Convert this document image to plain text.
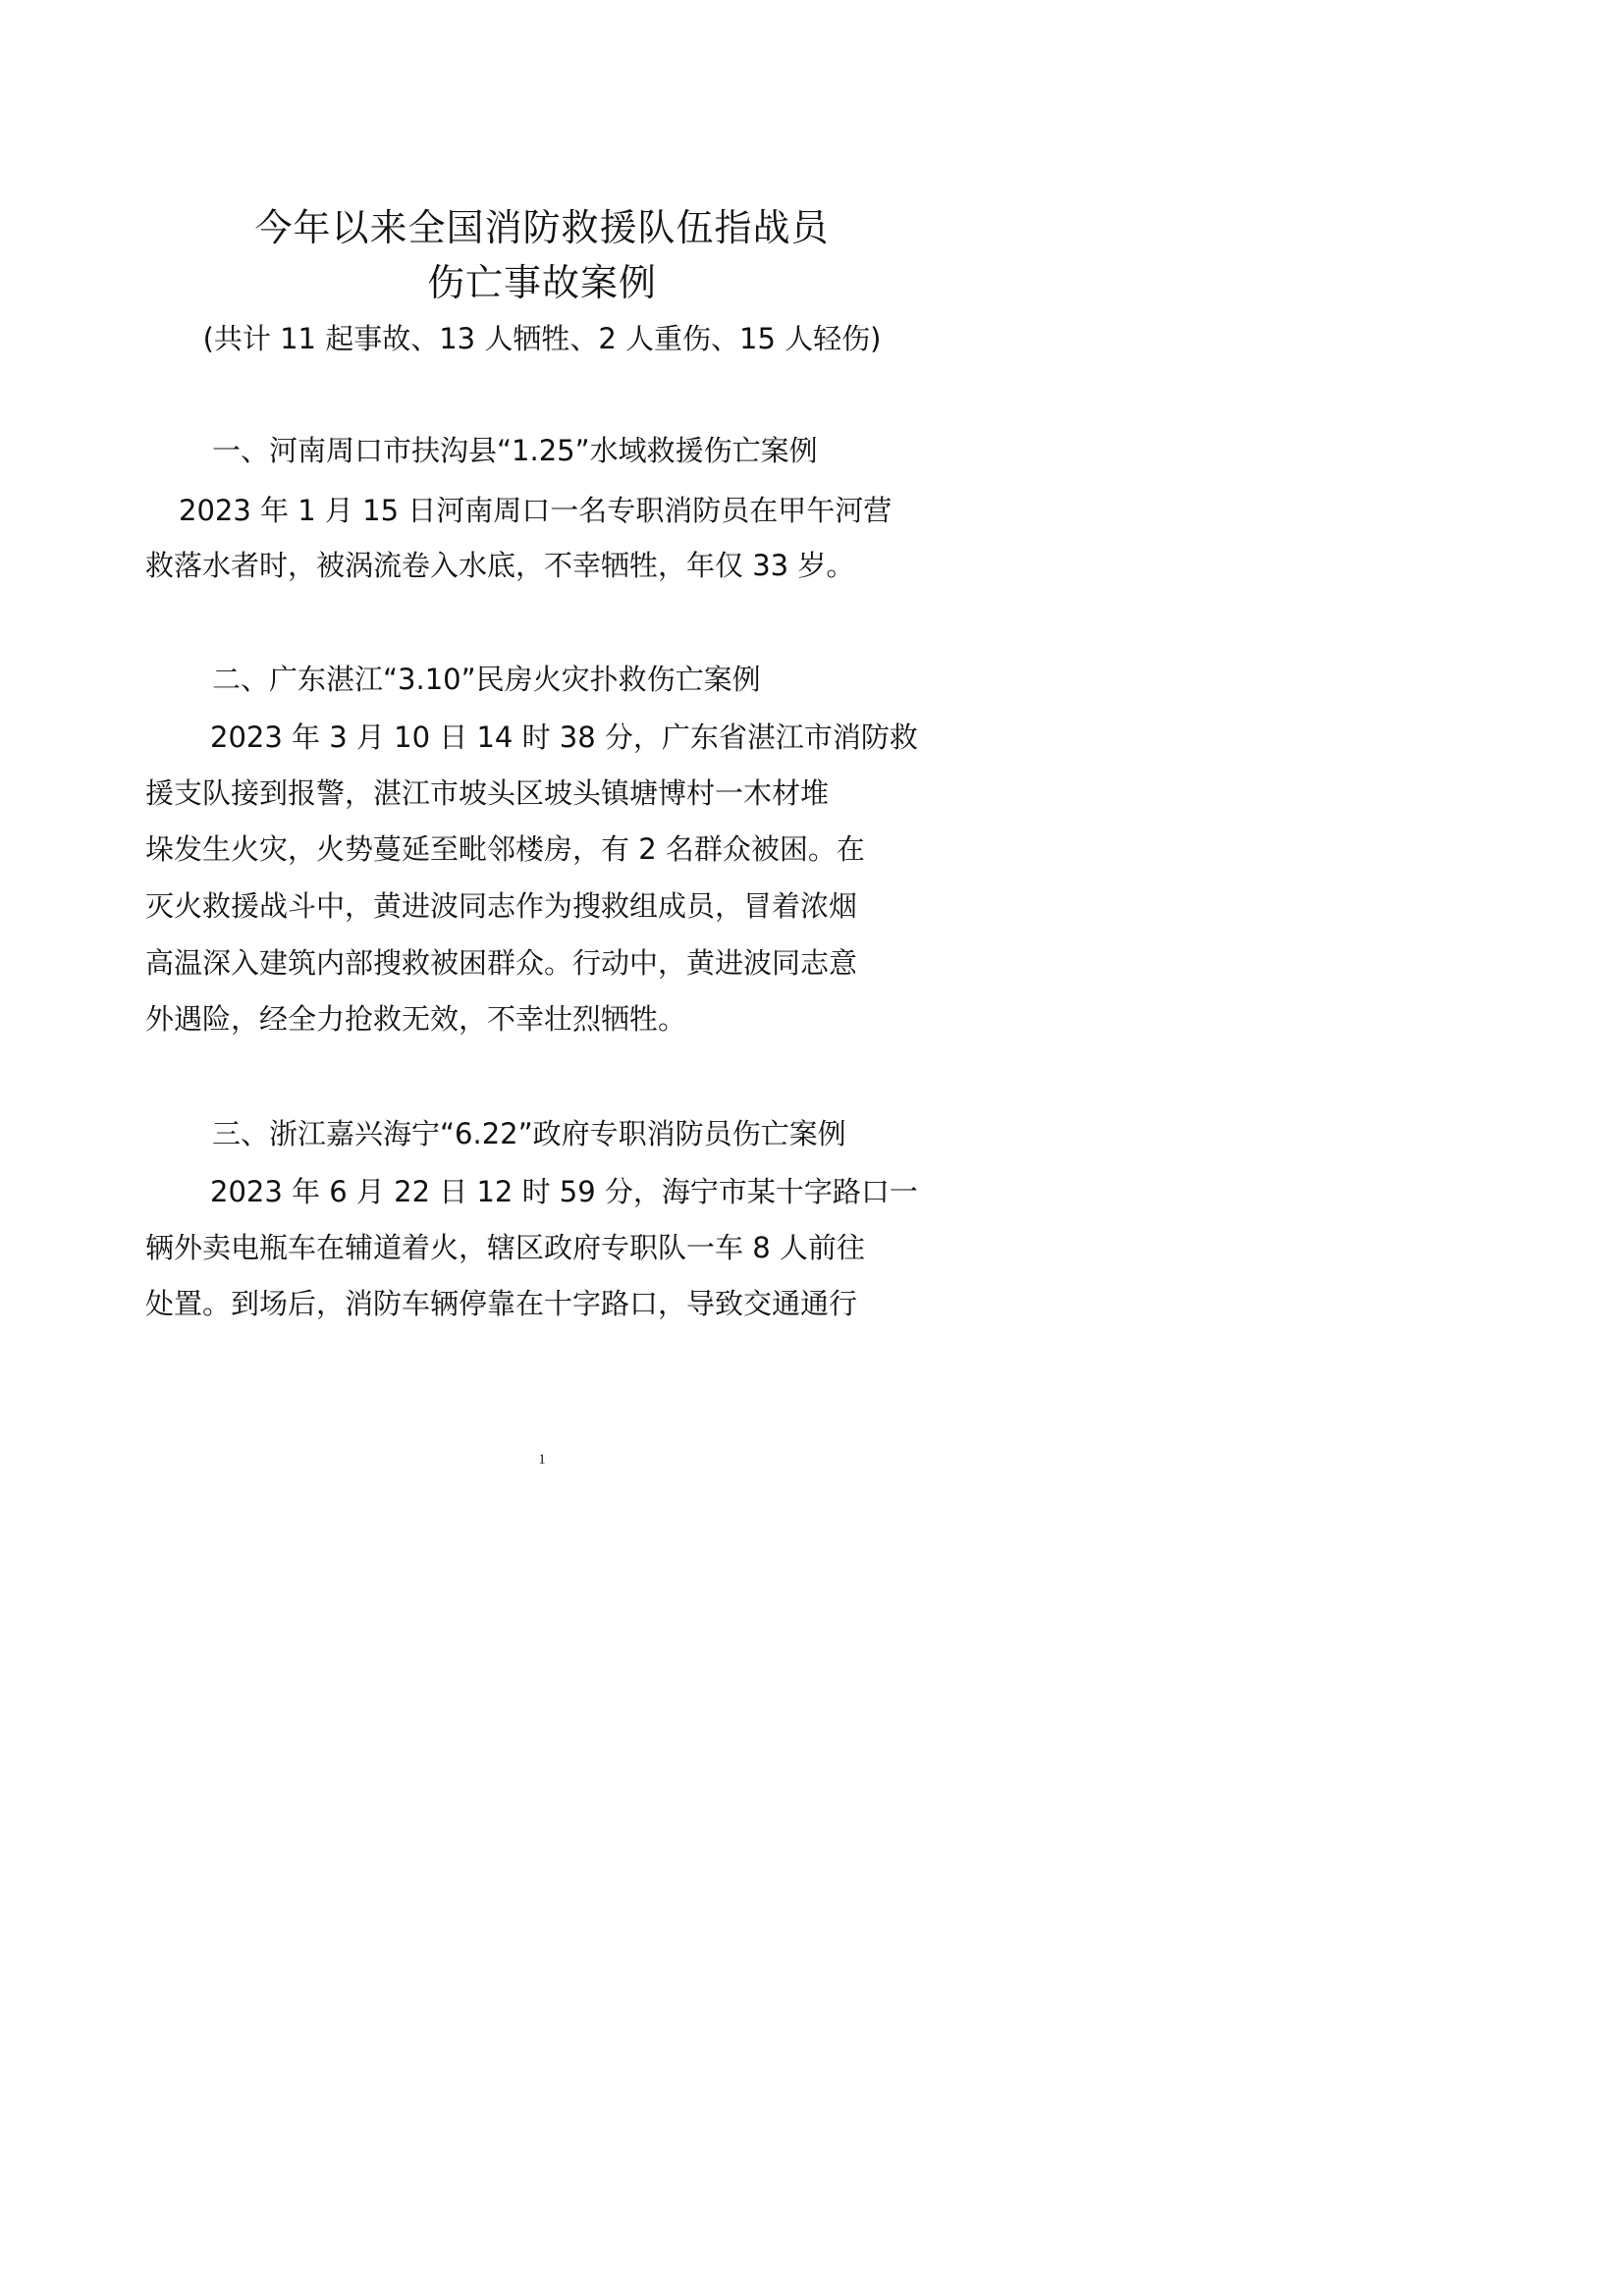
今年以来全国消防救援队伍指战员
伤亡事故案例
(共计 11 起事故、13 人牺牲、2 人重伤、15 人轻伤)
一、河南周口市扶沟县“1.25”水域救援伤亡案例
2023 年 1 月 15 日河南周口一名专职消防员在甲午河营
救落水者时，被涡流卷入水底，不幸牺牲，年仅 33 岁。
二、广东湛江“3.10”民房火灾扑救伤亡案例
2023 年 3 月 10 日 14 时 38 分，广东省湛江市消防救
援支队接到报警，湛江市坡头区坡头镇塘博村一木材堆
垛发生火灾，火势蔓延至毗邻楼房，有 2 名群众被困。在
灭火救援战斗中，黄进波同志作为搜救组成员，冒着浓烟
高温深入建筑内部搜救被困群众。行动中，黄进波同志意
外遇险，经全力抢救无效，不幸壮烈牺牲。
三、浙江嘉兴海宁“6.22”政府专职消防员伤亡案例
2023 年 6 月 22 日 12 时 59 分，海宁市某十字路口一
辆外卖电瓶车在辅道着火，辖区政府专职队一车 8 人前往
处置。到场后，消防车辆停靠在十字路口，导致交通通行
1
